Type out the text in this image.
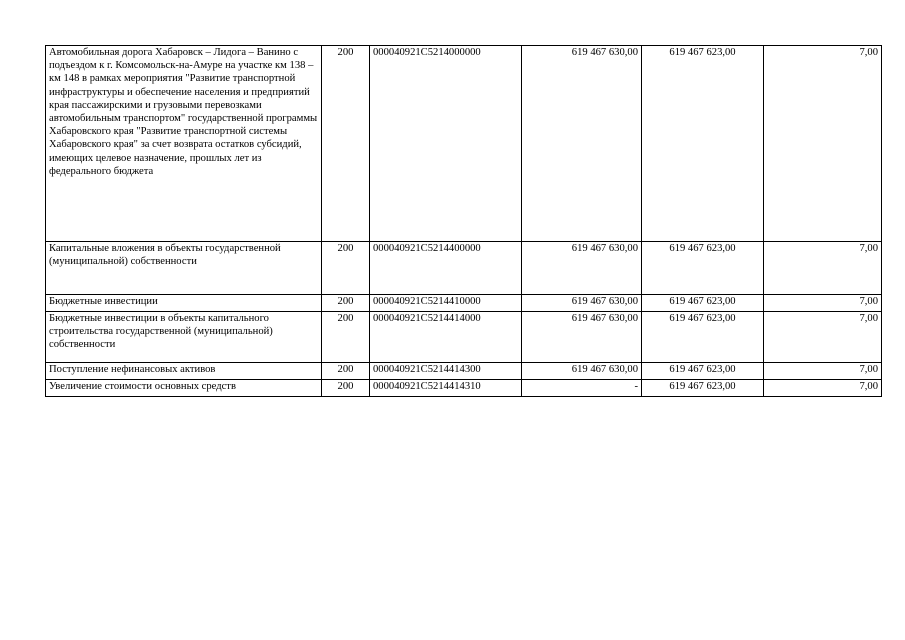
Автомобильная дорога Хабаровск – Лидога – Ванино с подъездом к г. Комсомольск-на-Амуре на участке км 138 – км 148 в рамках мероприятия "Развитие транспортной инфраструктуры и обеспечение населения и предприятий края пассажирскими и грузовыми перевозками автомобильным транспортом" государственной программы Хабаровского края "Развитие транспортной системы Хабаровского края" за счет возврата остатков субсидий, имеющих целевое назначение, прошлых лет из федерального бюджета	200	000040921C5214000000	619 467 630,00	619 467 623,00	7,00
Капитальные вложения в объекты государственной (муниципальной) собственности	200	000040921C5214400000	619 467 630,00	619 467 623,00	7,00
Бюджетные инвестиции	200	000040921C5214410000	619 467 630,00	619 467 623,00	7,00
Бюджетные инвестиции в объекты капитального строительства государственной (муниципальной) собственности	200	000040921C5214414000	619 467 630,00	619 467 623,00	7,00
Поступление нефинансовых активов	200	000040921C5214414300	619 467 630,00	619 467 623,00	7,00
Увеличение стоимости основных средств	200	000040921C5214414310	-	619 467 623,00	7,00
